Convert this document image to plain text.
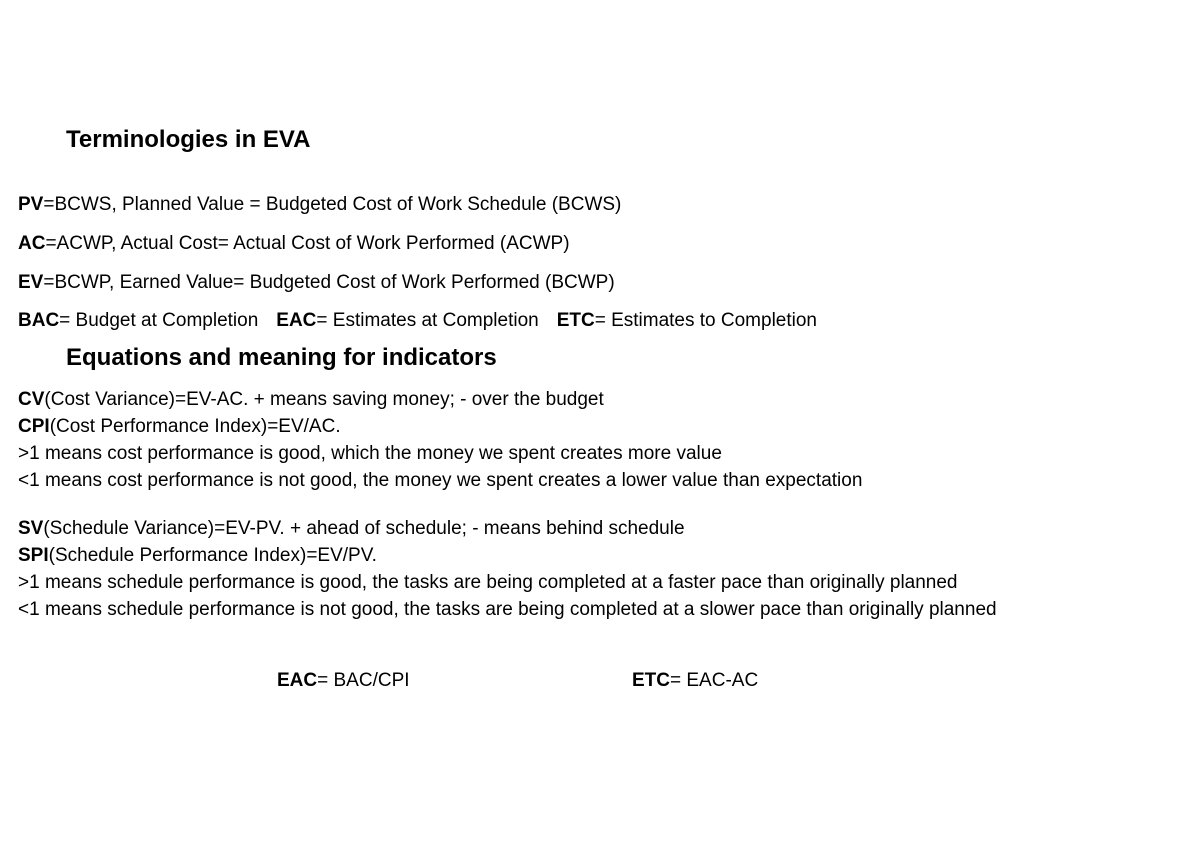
Terminologies in EVA
PV=BCWS, Planned Value = Budgeted Cost of Work Schedule (BCWS)
AC=ACWP, Actual Cost= Actual Cost of Work Performed (ACWP)
EV=BCWP, Earned Value= Budgeted Cost of Work Performed (BCWP)
BAC= Budget at Completion EAC= Estimates at Completion ETC= Estimates to Completion
Equations and meaning for indicators
CV(Cost Variance)=EV-AC. + means saving money; - over the budget
CPI(Cost Performance Index)=EV/AC.
>1 means cost performance is good, which the money we spent creates more value
<1 means cost performance is not good, the money we spent creates a lower value than expectation
SV(Schedule Variance)=EV-PV. + ahead of schedule; - means behind schedule
SPI(Schedule Performance Index)=EV/PV.
>1 means schedule performance is good, the tasks are being completed at a faster pace than originally planned
<1 means schedule performance is not good, the tasks are being completed at a slower pace than originally planned
EAC= BAC/CPI	ETC= EAC-AC
